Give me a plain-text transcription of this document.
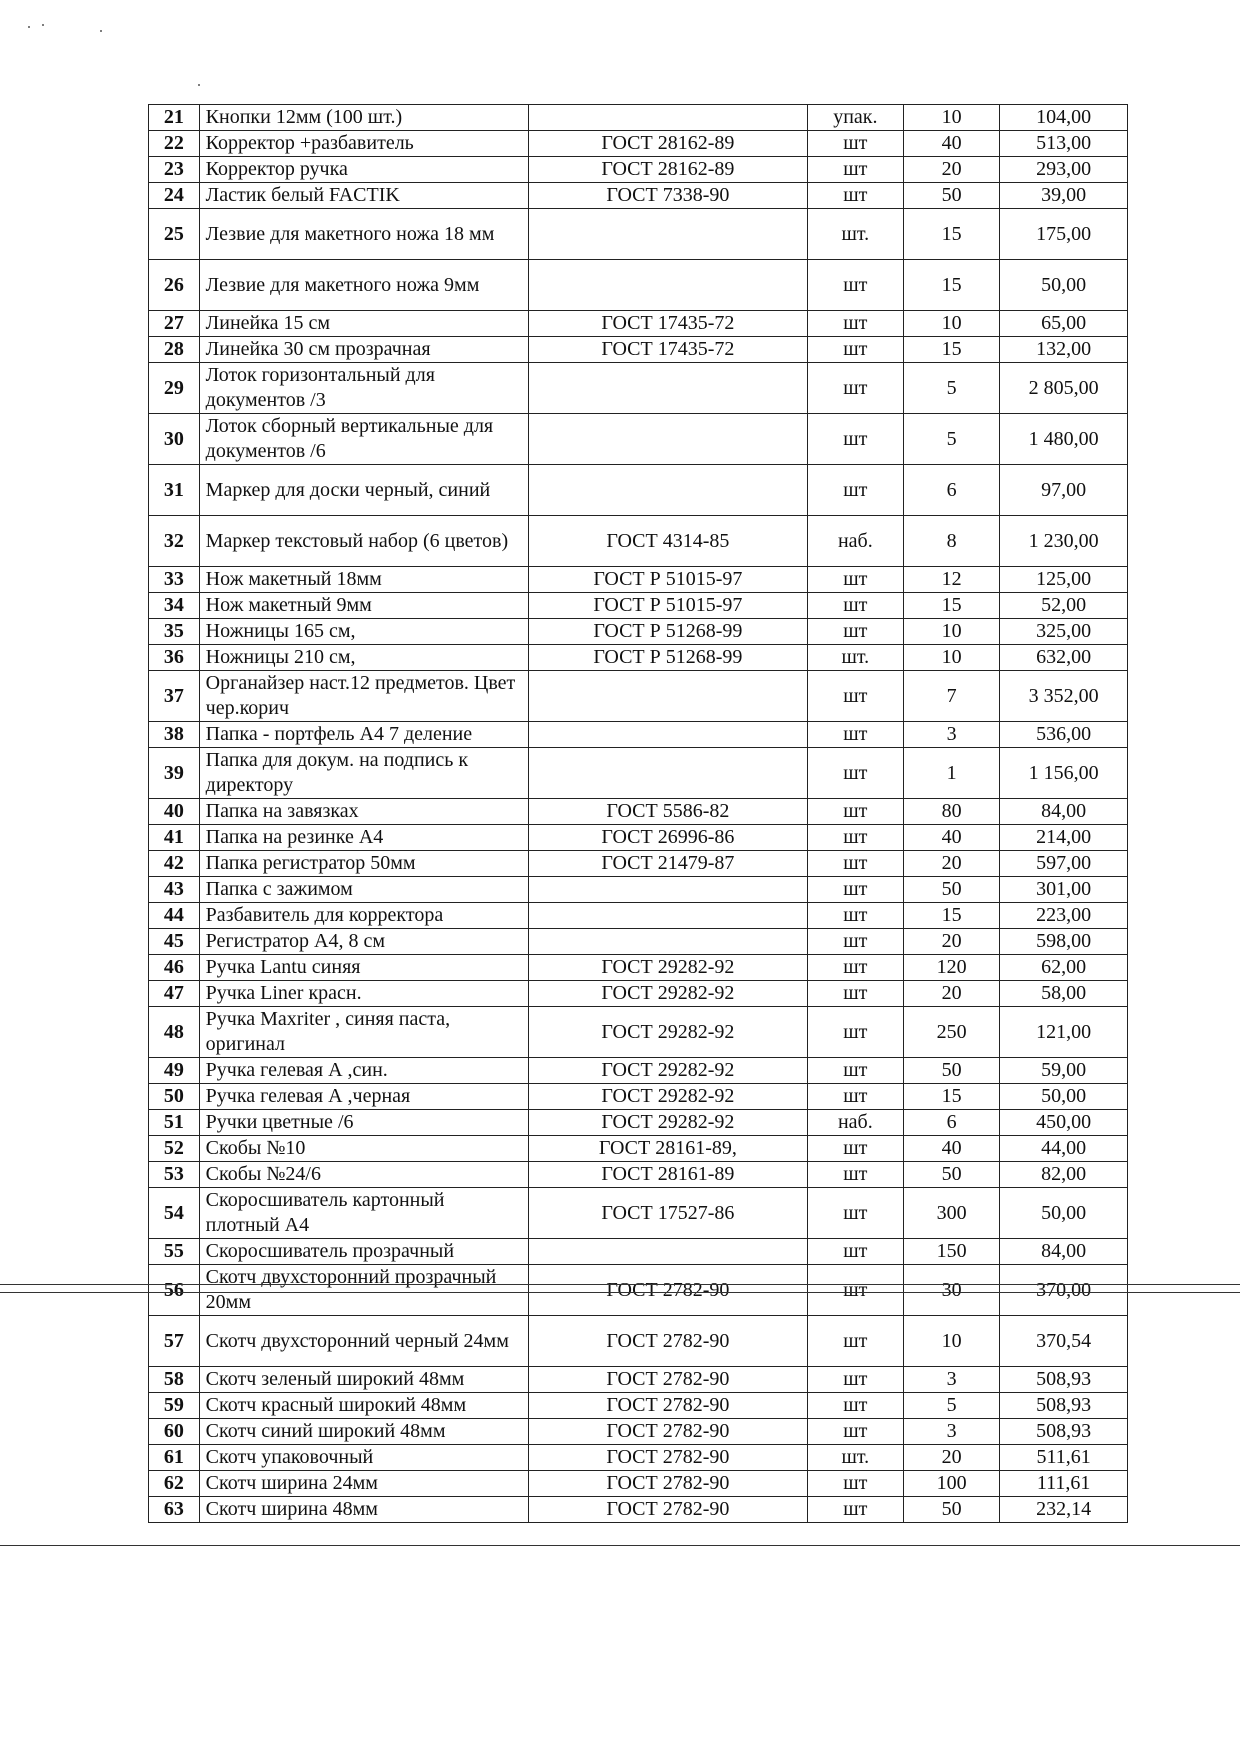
21	Кнопки 12мм (100 шт.)		упак.	10	104,00
22	Корректор +разбавитель	ГОСТ 28162-89	шт	40	513,00
23	Корректор ручка	ГОСТ 28162-89	шт	20	293,00
24	Ластик белый FACTIK	ГОСТ 7338-90	шт	50	39,00
25	Лезвие для макетного ножа 18 мм		шт.	15	175,00
26	Лезвие для макетного ножа 9мм		шт	15	50,00
27	Линейка 15 см	ГОСТ 17435-72	шт	10	65,00
28	Линейка 30 см прозрачная	ГОСТ 17435-72	шт	15	132,00
29	Лоток горизонтальный для документов /3		шт	5	2 805,00
30	Лоток сборный вертикальные для документов /6		шт	5	1 480,00
31	Маркер для доски черный, синий		шт	6	97,00
32	Маркер текстовый набор (6 цветов)	ГОСТ 4314-85	наб.	8	1 230,00
33	Нож макетный 18мм	ГОСТ Р 51015-97	шт	12	125,00
34	Нож макетный 9мм	ГОСТ Р 51015-97	шт	15	52,00
35	Ножницы 165 см,	ГОСТ Р 51268-99	шт	10	325,00
36	Ножницы 210 см,	ГОСТ Р 51268-99	шт.	10	632,00
37	Органайзер наст.12 предметов. Цвет чер.корич		шт	7	3 352,00
38	Папка - портфель А4 7 деление		шт	3	536,00
39	Папка для докум. на подпись к директору		шт	1	1 156,00
40	Папка на завязках	ГОСТ 5586-82	шт	80	84,00
41	Папка на резинке А4	ГОСТ 26996-86	шт	40	214,00
42	Папка регистратор 50мм	ГОСТ 21479-87	шт	20	597,00
43	Папка с зажимом		шт	50	301,00
44	Разбавитель для корректора		шт	15	223,00
45	Регистратор А4, 8 см		шт	20	598,00
46	Ручка Lantu синяя	ГОСТ 29282-92	шт	120	62,00
47	Ручка Liner красн.	ГОСТ 29282-92	шт	20	58,00
48	Ручка Maxriter , синяя паста, оригинал	ГОСТ 29282-92	шт	250	121,00
49	Ручка гелевая А ,син.	ГОСТ 29282-92	шт	50	59,00
50	Ручка гелевая А ,черная	ГОСТ 29282-92	шт	15	50,00
51	Ручки цветные /6	ГОСТ 29282-92	наб.	6	450,00
52	Скобы №10	ГОСТ 28161-89,	шт	40	44,00
53	Скобы №24/6	ГОСТ 28161-89	шт	50	82,00
54	Скоросшиватель картонный плотный А4	ГОСТ 17527-86	шт	300	50,00
55	Скоросшиватель прозрачный		шт	150	84,00
56	Скотч двухсторонний прозрачный 20мм	ГОСТ 2782-90	шт	30	370,00
57	Скотч двухсторонний черный 24мм	ГОСТ 2782-90	шт	10	370,54
58	Скотч зеленый широкий 48мм	ГОСТ 2782-90	шт	3	508,93
59	Скотч красный широкий 48мм	ГОСТ 2782-90	шт	5	508,93
60	Скотч синий широкий 48мм	ГОСТ 2782-90	шт	3	508,93
61	Скотч упаковочный	ГОСТ 2782-90	шт.	20	511,61
62	Скотч ширина 24мм	ГОСТ 2782-90	шт	100	111,61
63	Скотч ширина 48мм	ГОСТ 2782-90	шт	50	232,14
